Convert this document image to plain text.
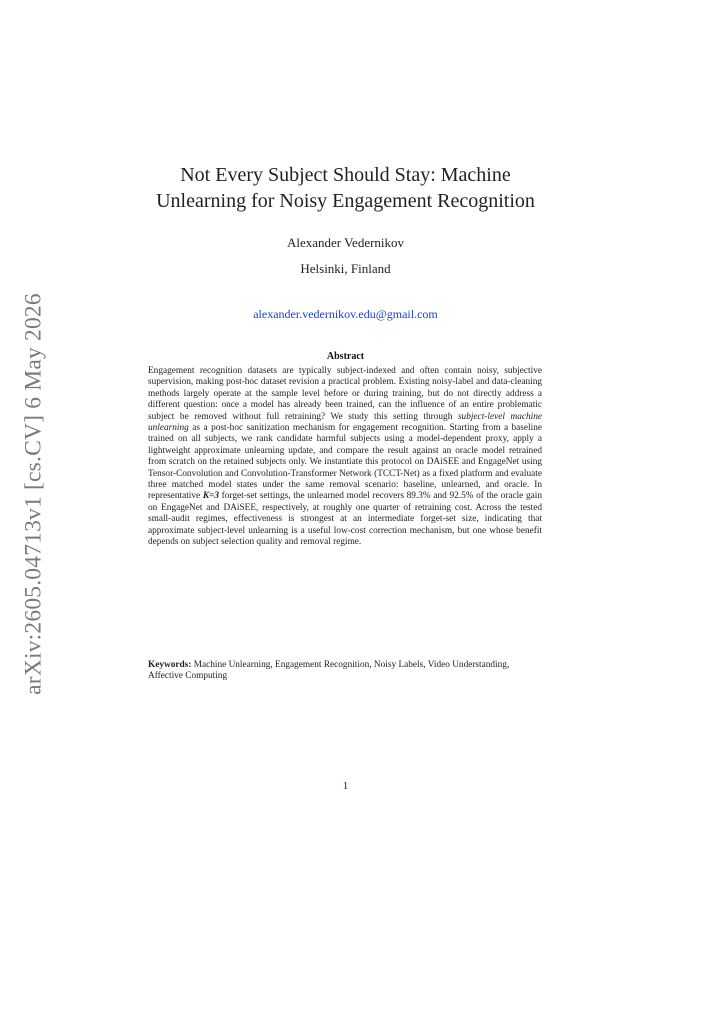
arXiv:2605.04713v1 [cs.CV] 6 May 2026
Not Every Subject Should Stay: Machine
Unlearning for Noisy Engagement Recognition
Alexander Vedernikov
Helsinki, Finland
alexander.vedernikov.edu@gmail.com
Abstract

Engagement recognition datasets are typically subject-indexed and often contain noisy, subjective supervision, making post-hoc dataset revision a practical problem. Existing noisy-label and data-cleaning methods largely operate at the sample level before or during training, but do not directly address a different question: once a model has already been trained, can the influence of an entire problematic subject be removed without full retraining? We study this setting through subject-level machine unlearning as a post-hoc sanitization mechanism for engagement recognition. Starting from a baseline trained on all subjects, we rank candidate harmful subjects using a model-dependent proxy, apply a lightweight approximate unlearning update, and compare the result against an oracle model retrained from scratch on the retained subjects only. We instantiate this protocol on DAiSEE and EngageNet using Tensor-Convolution and Convolution-Transformer Network (TCCT-Net) as a fixed platform and evaluate three matched model states under the same removal scenario: baseline, unlearned, and oracle. In representative K=3 forget-set settings, the unlearned model recovers 89.3% and 92.5% of the oracle gain on EngageNet and DAiSEE, respectively, at roughly one quarter of retraining cost. Across the tested small-audit regimes, effectiveness is strongest at an intermediate forget-set size, indicating that approximate subject-level unlearning is a useful low-cost correction mechanism, but one whose benefit depends on subject selection quality and removal regime.

Keywords: Machine Unlearning, Engagement Recognition, Noisy Labels, Video Understanding, Affective Computing

1
